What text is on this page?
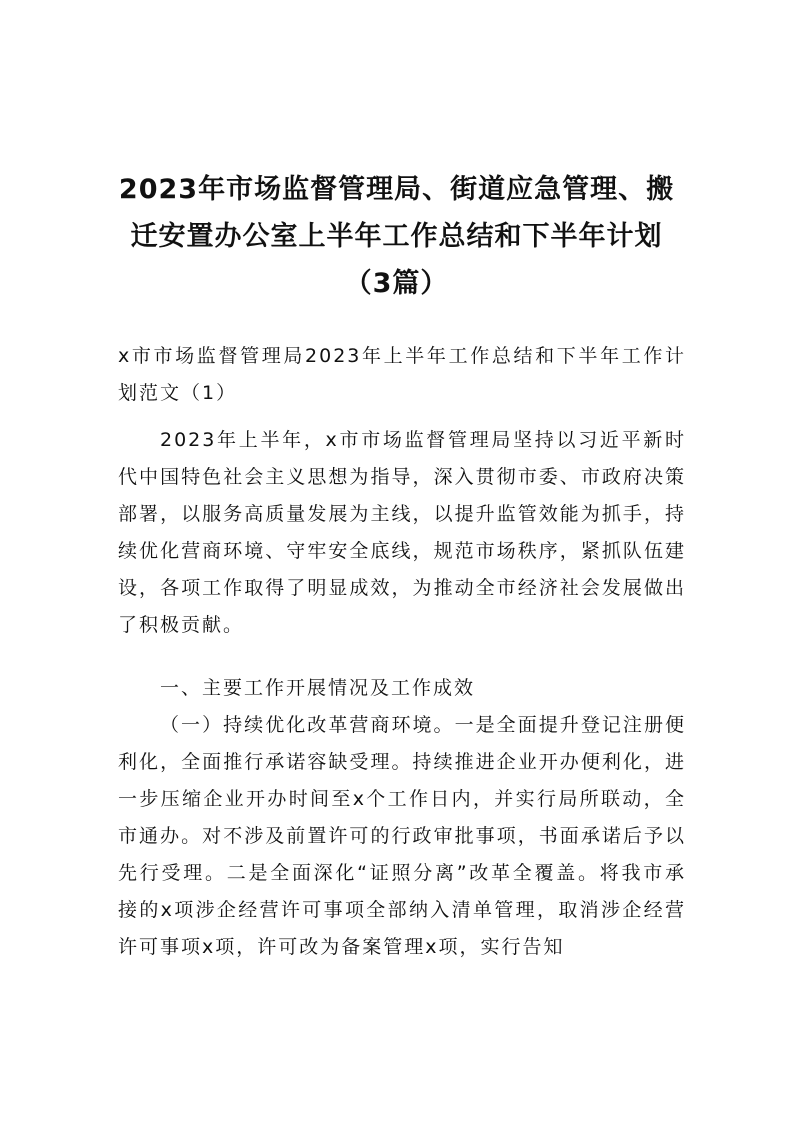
2023年市场监督管理局、街道应急管理、搬迁安置办公室上半年工作总结和下半年计划（3篇）

x市市场监督管理局2023年上半年工作总结和下半年工作计划范文（1）

2023年上半年，x市市场监督管理局坚持以习近平新时代中国特色社会主义思想为指导，深入贯彻市委、市政府决策部署，以服务高质量发展为主线，以提升监管效能为抓手，持续优化营商环境、守牢安全底线，规范市场秩序，紧抓队伍建设，各项工作取得了明显成效，为推动全市经济社会发展做出了积极贡献。

一、主要工作开展情况及工作成效

（一）持续优化改革营商环境。一是全面提升登记注册便利化，全面推行承诺容缺受理。持续推进企业开办便利化，进一步压缩企业开办时间至x个工作日内，并实行局所联动，全市通办。对不涉及前置许可的行政审批事项，书面承诺后予以先行受理。二是全面深化“证照分离”改革全覆盖。将我市承接的x项涉企经营许可事项全部纳入清单管理，取消涉企经营许可事项x项，许可改为备案管理x项，实行告知
